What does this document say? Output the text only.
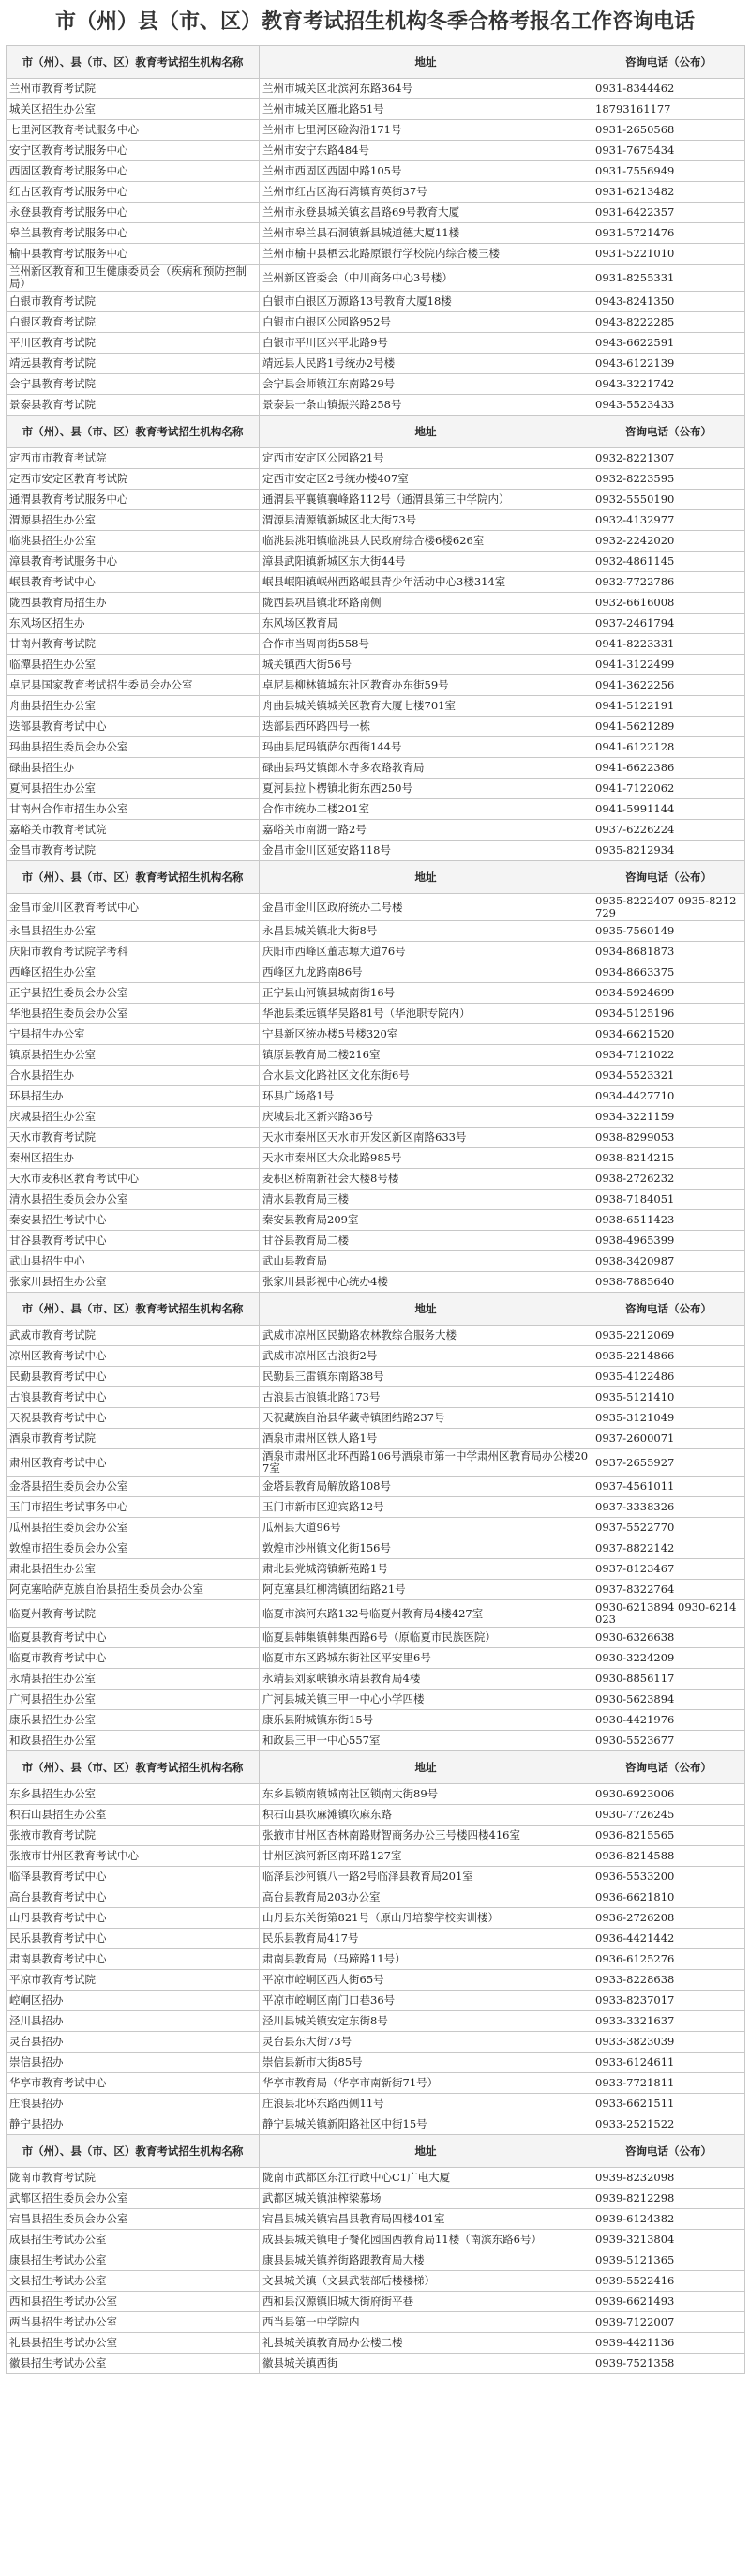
市（州）县（市、区）教育考试招生机构冬季合格考报名工作咨询电话
市（州）、县（市、区）教育考试招生机构名称	地址	咨询电话（公布）
兰州市教育考试院	兰州市城关区北滨河东路364号	0931-8344462
城关区招生办公室	兰州市城关区雁北路51号	18793161177
七里河区教育考试服务中心	兰州市七里河区硷沟沿171号	0931-2650568
安宁区教育考试服务中心	兰州市安宁东路484号	0931-7675434
西固区教育考试服务中心	兰州市西固区西固中路105号	0931-7556949
红古区教育考试服务中心	兰州市红古区海石湾镇育英街37号	0931-6213482
永登县教育考试服务中心	兰州市永登县城关镇玄昌路69号教育大厦	0931-6422357
皋兰县教育考试服务中心	兰州市皋兰县石洞镇新县城道德大厦11楼	0931-5721476
榆中县教育考试服务中心	兰州市榆中县栖云北路原银行学校院内综合楼三楼	0931-5221010
兰州新区教育和卫生健康委员会（疾病和预防控制局）	兰州新区管委会（中川商务中心3号楼）	0931-8255331
白银市教育考试院	白银市白银区万源路13号教育大厦18楼	0943-8241350
白银区教育考试院	白银市白银区公园路952号	0943-8222285
平川区教育考试院	白银市平川区兴平北路9号	0943-6622591
靖远县教育考试院	靖远县人民路1号统办2号楼	0943-6122139
会宁县教育考试院	会宁县会师镇江东南路29号	0943-3221742
景泰县教育考试院	景泰县一条山镇振兴路258号	0943-5523433
市（州）、县（市、区）教育考试招生机构名称	地址	咨询电话（公布）
定西市市教育考试院	定西市安定区公园路21号	0932-8221307
定西市安定区教育考试院	定西市安定区2号统办楼407室	0932-8223595
通渭县教育考试服务中心	通渭县平襄镇襄峰路112号（通渭县第三中学院内）	0932-5550190
渭源县招生办公室	渭源县清源镇新城区北大街73号	0932-4132977
临洮县招生办公室	临洮县洮阳镇临洮县人民政府综合楼6楼626室	0932-2242020
漳县教育考试服务中心	漳县武阳镇新城区东大街44号	0932-4861145
岷县教育考试中心	岷县岷阳镇岷州西路岷县青少年活动中心3楼314室	0932-7722786
陇西县教育局招生办	陇西县巩昌镇北环路南侧	0932-6616008
东风场区招生办	东风场区教育局	0937-2461794
甘南州教育考试院	合作市当周南街558号	0941-8223331
临潭县招生办公室	城关镇西大街56号	0941-3122499
卓尼县国家教育考试招生委员会办公室	卓尼县柳林镇城东社区教育办东街59号	0941-3622256
舟曲县招生办公室	舟曲县城关镇城关区教育大厦七楼701室	0941-5122191
迭部县教育考试中心	迭部县西环路四号一栋	0941-5621289
玛曲县招生委员会办公室	玛曲县尼玛镇萨尔西街144号	0941-6122128
碌曲县招生办	碌曲县玛艾镇郎木寺多农路教育局	0941-6622386
夏河县招生办公室	夏河县拉卜楞镇北街东西250号	0941-7122062
甘南州合作市招生办公室	合作市统办二楼201室	0941-5991144
嘉峪关市教育考试院	嘉峪关市南湖一路2号	0937-6226224
金昌市教育考试院	金昌市金川区延安路118号	0935-8212934
市（州）、县（市、区）教育考试招生机构名称	地址	咨询电话（公布）
金昌市金川区教育考试中心	金昌市金川区政府统办二号楼	0935-8222407 0935-8212729
永昌县招生办公室	永昌县城关镇北大街8号	0935-7560149
庆阳市教育考试院学考科	庆阳市西峰区董志塬大道76号	0934-8681873
西峰区招生办公室	西峰区九龙路南86号	0934-8663375
正宁县招生委员会办公室	正宁县山河镇县城南街16号	0934-5924699
华池县招生委员会办公室	华池县柔远镇华吴路81号（华池职专院内）	0934-5125196
宁县招生办公室	宁县新区统办楼5号楼320室	0934-6621520
镇原县招生办公室	镇原县教育局二楼216室	0934-7121022
合水县招生办	合水县文化路社区文化东街6号	0934-5523321
环县招生办	环县广场路1号	0934-4427710
庆城县招生办公室	庆城县北区新兴路36号	0934-3221159
天水市教育考试院	天水市秦州区天水市开发区新区南路633号	0938-8299053
秦州区招生办	天水市秦州区大众北路985号	0938-8214215
天水市麦积区教育考试中心	麦积区桥南新社会大楼8号楼	0938-2726232
清水县招生委员会办公室	清水县教育局三楼	0938-7184051
秦安县招生考试中心	秦安县教育局209室	0938-6511423
甘谷县教育考试中心	甘谷县教育局二楼	0938-4965399
武山县招生中心	武山县教育局	0938-3420987
张家川县招生办公室	张家川县影视中心统办4楼	0938-7885640
市（州）、县（市、区）教育考试招生机构名称	地址	咨询电话（公布）
武威市教育考试院	武威市凉州区民勤路农林教综合服务大楼	0935-2212069
凉州区教育考试中心	武威市凉州区古浪街2号	0935-2214866
民勤县教育考试中心	民勤县三雷镇东南路38号	0935-4122486
古浪县教育考试中心	古浪县古浪镇北路173号	0935-5121410
天祝县教育考试中心	天祝藏族自治县华藏寺镇团结路237号	0935-3121049
酒泉市教育考试院	酒泉市肃州区铁人路1号	0937-2600071
肃州区教育考试中心	酒泉市肃州区北环西路106号酒泉市第一中学肃州区教育局办公楼207室	0937-2655927
金塔县招生委员会办公室	金塔县教育局解放路108号	0937-4561011
玉门市招生考试事务中心	玉门市新市区迎宾路12号	0937-3338326
瓜州县招生委员会办公室	瓜州县大道96号	0937-5522770
敦煌市招生委员会办公室	敦煌市沙州镇文化街156号	0937-8822142
肃北县招生办公室	肃北县党城湾镇新苑路1号	0937-8123467
阿克塞哈萨克族自治县招生委员会办公室	阿克塞县红柳湾镇团结路21号	0937-8322764
临夏州教育考试院	临夏市滨河东路132号临夏州教育局4楼427室	0930-6213894 0930-6214023
临夏县教育考试中心	临夏县韩集镇韩集西路6号（原临夏市民族医院）	0930-6326638
临夏市教育考试中心	临夏市东区路城东街社区平安里6号	0930-3224209
永靖县招生办公室	永靖县刘家峡镇永靖县教育局4楼	0930-8856117
广河县招生办公室	广河县城关镇三甲一中心小学四楼	0930-5623894
康乐县招生办公室	康乐县附城镇东街15号	0930-4421976
和政县招生办公室	和政县三甲一中心557室	0930-5523677
市（州）、县（市、区）教育考试招生机构名称	地址	咨询电话（公布）
东乡县招生办公室	东乡县锁南镇城南社区锁南大街89号	0930-6923006
积石山县招生办公室	积石山县吹麻滩镇吹麻东路	0930-7726245
张掖市教育考试院	张掖市甘州区杏林南路财智商务办公三号楼四楼416室	0936-8215565
张掖市甘州区教育考试中心	甘州区滨河新区南环路127室	0936-8214588
临泽县教育考试中心	临泽县沙河镇八一路2号临泽县教育局201室	0936-5533200
高台县教育考试中心	高台县教育局203办公室	0936-6621810
山丹县教育考试中心	山丹县东关街第821号（原山丹培黎学校实训楼）	0936-2726208
民乐县教育考试中心	民乐县教育局417号	0936-4421442
肃南县教育考试中心	肃南县教育局（马蹄路11号）	0936-6125276
平凉市教育考试院	平凉市崆峒区西大街65号	0933-8228638
崆峒区招办	平凉市崆峒区南门口巷36号	0933-8237017
泾川县招办	泾川县城关镇安定东街8号	0933-3321637
灵台县招办	灵台县东大街73号	0933-3823039
崇信县招办	崇信县新市大街85号	0933-6124611
华亭市教育考试中心	华亭市教育局（华亭市南新街71号）	0933-7721811
庄浪县招办	庄浪县北环东路西侧11号	0933-6621511
静宁县招办	静宁县城关镇新阳路社区中街15号	0933-2521522
市（州）、县（市、区）教育考试招生机构名称	地址	咨询电话（公布）
陇南市教育考试院	陇南市武都区东江行政中心C1广电大厦	0939-8232098
武都区招生委员会办公室	武都区城关镇油榨梁慕场	0939-8212298
宕昌县招生委员会办公室	宕昌县城关镇宕昌县教育局四楼401室	0939-6124382
成县招生考试办公室	成县县城关镇电子餐化园国西教育局11楼（南滨东路6号）	0939-3213804
康县招生考试办公室	康县县城关镇养街路跟教育局大楼	0939-5121365
文县招生考试办公室	文县城关镇（文县武装部后楼楼梯）	0939-5522416
西和县招生考试办公室	西和县汉源镇旧城大街府街平巷	0939-6621493
两当县招生考试办公室	西当县第一中学院内	0939-7122007
礼县县招生考试办公室	礼县城关镇教育局办公楼二楼	0939-4421136
徽县招生考试办公室	徽县城关镇西街	0939-7521358
